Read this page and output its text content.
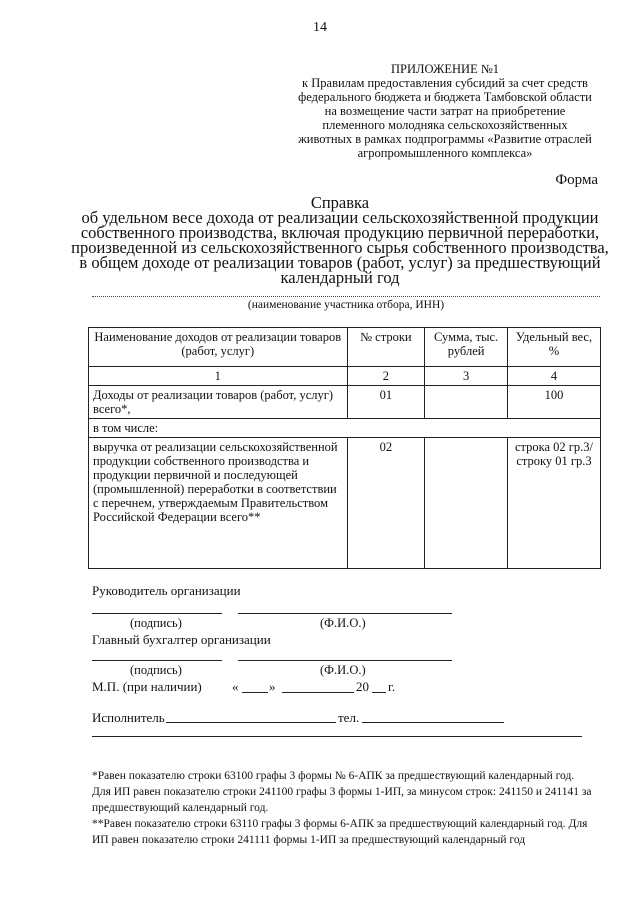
14
ПРИЛОЖЕНИЕ №1
к Правилам предоставления субсидий за счет средств
федерального бюджета и бюджета Тамбовской области
на возмещение части затрат на приобретение
племенного молодняка сельскохозяйственных
животных в рамках подпрограммы «Развитие отраслей
агропромышленного комплекса»
Форма
Справка
об удельном весе дохода от реализации сельскохозяйственной продукции
собственного производства, включая продукцию первичной переработки,
произведенной из сельскохозяйственного сырья собственного производства,
в общем доходе от реализации товаров (работ, услуг) за предшествующий
календарный год
(наименование участника отбора, ИНН)
Наименование доходов от реализации товаров (работ, услуг)	№ строки	Сумма, тыс. рублей	Удельный вес, %
1	2	3	4
Доходы от реализации товаров (работ, услуг) всего*,	01		100
в том числе:			
выручка от реализации сельскохозяйственной продукции собственного производства и продукции первичной и последующей (промышленной) переработки в соответствии с перечнем, утверждаемым Правительством Российской Федерации всего**	02		строка 02 гр.3/ строку 01 гр.3
Руководитель организации
(подпись)	(Ф.И.О.)
Главный бухгалтер организации
(подпись)	(Ф.И.О.)
М.П. (при наличии) « »	20 г.
Исполнитель	тел.

*Равен показателю строки 63100 графы 3 формы № 6-АПК за предшествующий календарный год. Для ИП равен показателю строки 241100 графы 3 формы 1-ИП, за минусом строк: 241150 и 241141 за предшествующий календарный год.

**Равен показателю строки 63110 графы 3 формы 6-АПК за предшествующий календарный год. Для ИП равен показателю строки 241111 формы 1-ИП за предшествующий календарный год
